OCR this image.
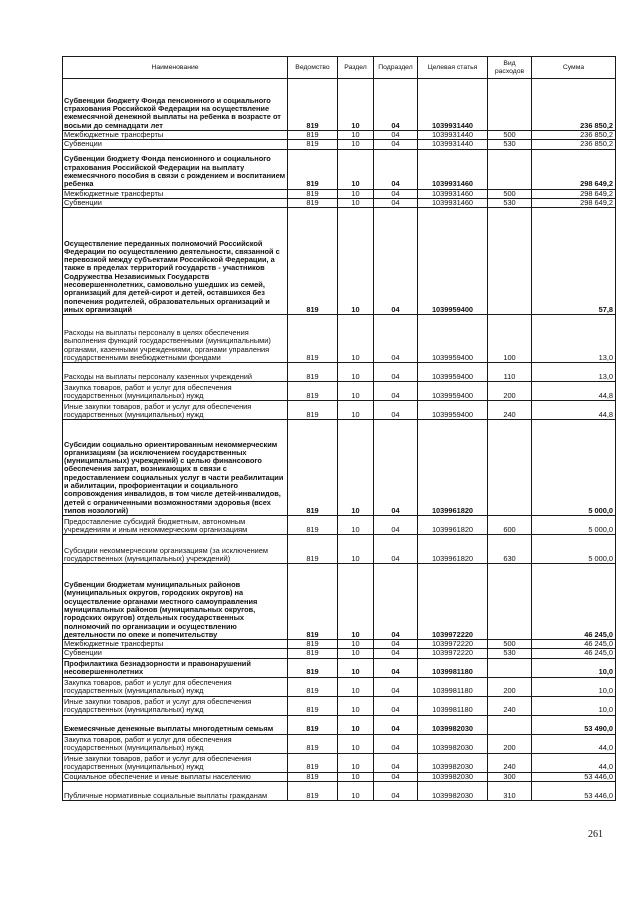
Наименование	Ведомство	Раздел	Подраздел	Целевая статья	Вид расходов	Сумма
Субвенции бюджету Фонда пенсионного и социального страхования Российской Федерации на осуществление ежемесячной денежной выплаты на ребенка в возрасте от восьми до семнадцати лет	819	10	04	1039931440		236 850,2
Межбюджетные трансферты	819	10	04	1039931440	500	236 850,2
Субвенции	819	10	04	1039931440	530	236 850,2
Субвенции бюджету Фонда пенсионного и социального страхования Российской Федерации на выплату ежемесячного пособия в связи с рождением и воспитанием ребенка	819	10	04	1039931460		298 649,2
Межбюджетные трансферты	819	10	04	1039931460	500	298 649,2
Субвенции	819	10	04	1039931460	530	298 649,2
Осуществление переданных полномочий Российской Федерации по осуществлению деятельности, связанной с перевозкой между субъектами Российской Федерации, а также в пределах территорий государств - участников Содружества Независимых Государств несовершеннолетних, самовольно ушедших из семей, организаций для детей-сирот и детей, оставшихся без попечения родителей, образовательных организаций и иных организаций	819	10	04	1039959400		57,8
Расходы на выплаты персоналу в целях обеспечения выполнения функций государственными (муниципальными) органами, казенными учреждениями, органами управления государственными внебюджетными фондами	819	10	04	1039959400	100	13,0
Расходы на выплаты персоналу казенных учреждений	819	10	04	1039959400	110	13,0
Закупка товаров, работ и услуг для обеспечения государственных (муниципальных) нужд	819	10	04	1039959400	200	44,8
Иные закупки товаров, работ и услуг для обеспечения государственных (муниципальных) нужд	819	10	04	1039959400	240	44,8
Субсидии социально ориентированным некоммерческим организациям (за исключением государственных (муниципальных) учреждений) с целью финансового обеспечения затрат, возникающих в связи с предоставлением социальных услуг в части реабилитации и абилитации, профориентации и социального сопровождения инвалидов, в том числе детей-инвалидов, детей с ограниченными возможностями здоровья (всех типов нозологий)	819	10	04	1039961820		5 000,0
Предоставление субсидий бюджетным, автономным учреждениям и иным некоммерческим организациям	819	10	04	1039961820	600	5 000,0
Субсидии некоммерческим организациям (за исключением государственных (муниципальных) учреждений)	819	10	04	1039961820	630	5 000,0
Субвенции бюджетам муниципальных районов (муниципальных округов, городских округов) на осуществление органами местного самоуправления муниципальных районов (муниципальных округов, городских округов) отдельных государственных полномочий по организации и осуществлению деятельности по опеке и попечительству	819	10	04	1039972220		46 245,0
Межбюджетные трансферты	819	10	04	1039972220	500	46 245,0
Субвенции	819	10	04	1039972220	530	46 245,0
Профилактика безнадзорности и правонарушений несовершеннолетних	819	10	04	1039981180		10,0
Закупка товаров, работ и услуг для обеспечения государственных (муниципальных) нужд	819	10	04	1039981180	200	10,0
Иные закупки товаров, работ и услуг для обеспечения государственных (муниципальных) нужд	819	10	04	1039981180	240	10,0
Ежемесячные денежные выплаты многодетным семьям	819	10	04	1039982030		53 490,0
Закупка товаров, работ и услуг для обеспечения государственных (муниципальных) нужд	819	10	04	1039982030	200	44,0
Иные закупки товаров, работ и услуг для обеспечения государственных (муниципальных) нужд	819	10	04	1039982030	240	44,0
Социальное обеспечение и иные выплаты населению	819	10	04	1039982030	300	53 446,0
Публичные нормативные социальные выплаты гражданам	819	10	04	1039982030	310	53 446,0
261
